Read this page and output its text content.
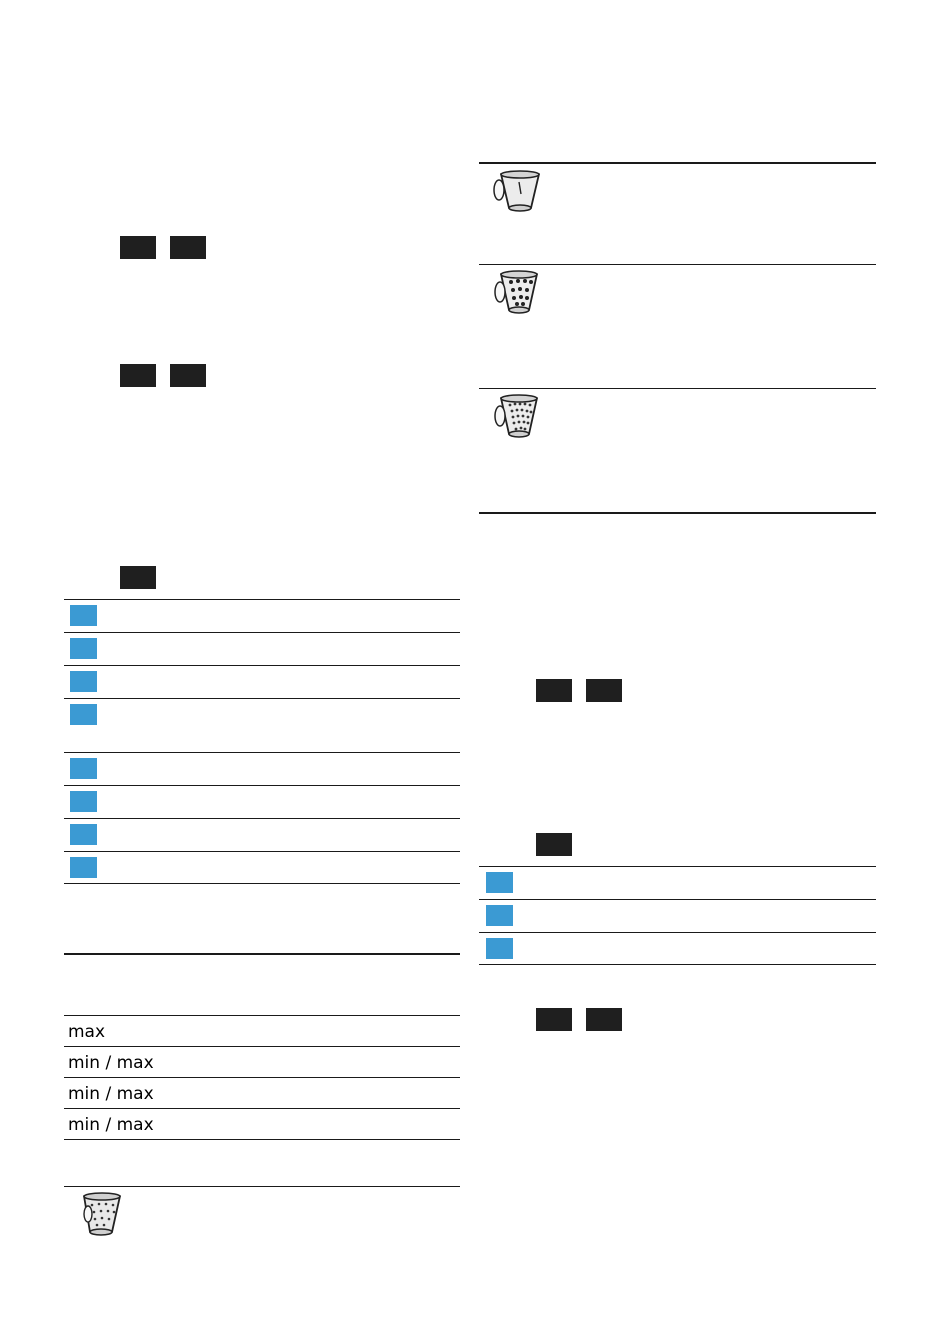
max
min / max
min / max
min / max
